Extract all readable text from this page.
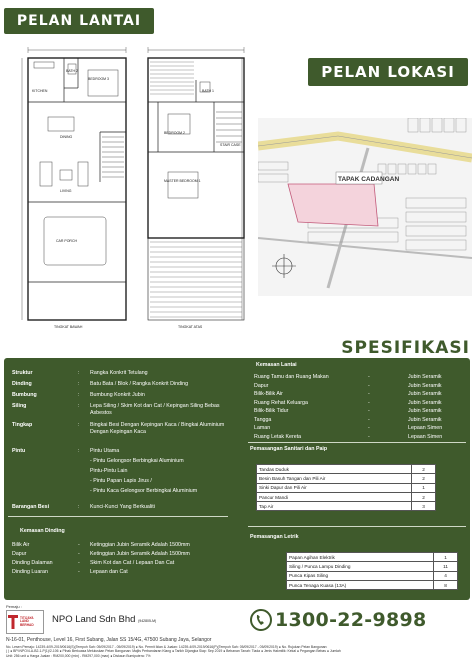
PELAN LANTAI
PELAN LOKASI
KITCHEN
BATH 2
BEDROOM 3
DINING
LIVING
CAR PORCH
BATH 1
BEDROOM 2
STAIR CASE
MASTER BEDROOM 1
TINGKAT BAWAH	TINGKAT ATAS
TAPAK CADANGAN
SPESIFIKASI
Struktur	: Rangka Konkrit Tetulang
Dinding	: Batu Bata / Blok / Rangka Konkrit Dinding
Bumbung	: Bumbung Konkrit Jubin
Siling	: Lepa Siling / Skim Kot dan Cat / Kepingan Siling Bebas Asbestos
Tingkap	: Bingkai Besi Dengan Kepingan Kaca / Bingkai Aluminium Dengan Kepingan Kaca
Pintu	: Pintu Utama
- Pintu Gelongsor Berbingkai Aluminium
Pintu-Pintu Lain
- Pintu Papan Lapis Jirus /
- Pintu Kaca Gelongsor Berbingkai Aluminium
Barangan Besi	: Kunci-Kunci Yang Berkualiti
Kemasan Dinding
Bilik Air	- Ketinggian Jubin Seramik Adalah 1500mm
Dapur	- Ketinggian Jubin Seramik Adalah 1500mm
Dinding Dalaman	- Skim Kot dan Cat / Lepaan Dan Cat
Dinding Luaran	- Lepaan dan Cat
Kemasan Lantai
Ruang Tamu dan Ruang Makan	-	Jubin Seramik
Dapur	-	Jubin Seramik
Bilik-Bilik Air	-	Jubin Seramik
Ruang Rehat Keluarga	-	Jubin Seramik
Bilik-Bilik Tidur	-	Jubin Seramik
Tangga	-	Jubin Seramik
Laman	-	Lepaan Simen
Ruang Letak Kereta	-	Lepaan Simen
Pemasangan Sanitari dan Paip
Tandas Duduk	2
Besin Basuh Tangan dan Pili Air	2
Sinki Dapur dan Pili Air	1
Pancur Mandi	2
Tap Air	3
Pemasangan Letrik
Papan Agihan Elektrik	1
Siling / Punca Lampu Dinding	11
Punca Kipas Siling	4
Punca Tenaga Kuasa (13A)	8
Pemaju :
TITIJAYA LAND BERHAD	NPO Land Sdn Bhd (942805-M)
N-16-01, Penthouse, Level 16, First Subang, Jalan SS 15/4G, 47500 Subang Jaya, Selangor
1300-22-9898
No. Lesen Pemaju: 14239-4/09-2019/0616(S)(Tempoh Sah: 05/09/2017 - 05/09/2019) ● No. Permit Iklan & Jualan: 14239-4/09-2019/0616(P)(Tempoh Sah: 05/09/2017 - 05/09/2019) ● No. Rujukan Pelan Bangunan:
( ) ● BPI:NPO/4-A-B2-1-P(1)/2-106 ● Pihak Berkuasa Meluluskan Pelan Bangunan: Majlis Perbandaran Klang ● Tarikh Dijangka Siap: Sep 2019 ● Bebanan Tanah: Tiada ● Jenis Hakmilik: Kekal ● Pegangan Bebas ● Jumlah
Unit: 256 unit ● Harga Jualan : RM200,000 (min) - RM297,000 (max) ● Diskaun Bumiputera: 7%
